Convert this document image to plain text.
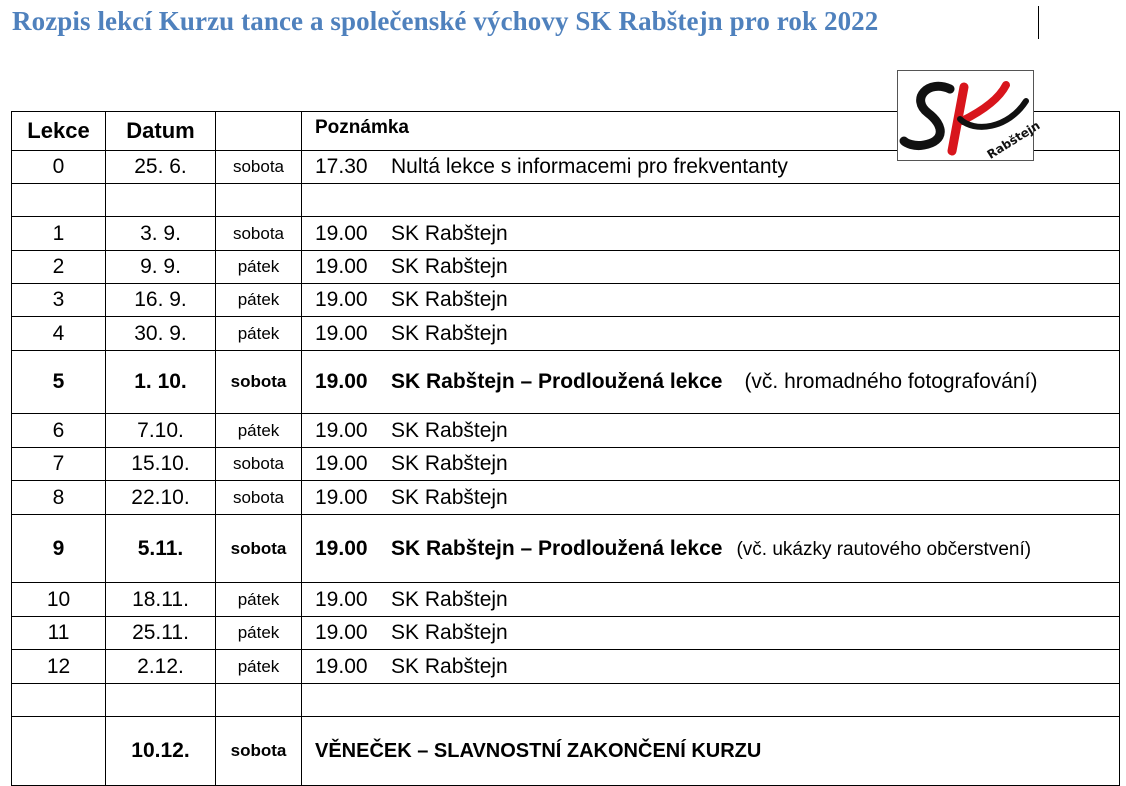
Rozpis lekcí Kurzu tance a společenské výchovy SK Rabštejn pro rok 2022
Rabštejn
Lekce	Datum		Poznámka
0	25. 6.	sobota	17.30 Nultá lekce s informacemi pro frekventanty

1	3. 9.	sobota	19.00 SK Rabštejn
2	9. 9.	pátek	19.00 SK Rabštejn
3	16. 9.	pátek	19.00 SK Rabštejn
4	30. 9.	pátek	19.00 SK Rabštejn
5	1. 10.	sobota	19.00 SK Rabštejn – Prodloužená lekce (vč. hromadného fotografování)
6	7.10.	pátek	19.00 SK Rabštejn
7	15.10.	sobota	19.00 SK Rabštejn
8	22.10.	sobota	19.00 SK Rabštejn
9	5.11.	sobota	19.00 SK Rabštejn – Prodloužená lekce (vč. ukázky rautového občerstvení)
10	18.11.	pátek	19.00 SK Rabštejn
11	25.11.	pátek	19.00 SK Rabštejn
12	2.12.	pátek	19.00 SK Rabštejn

	10.12.	sobota	VĚNEČEK – SLAVNOSTNÍ ZAKONČENÍ KURZU
